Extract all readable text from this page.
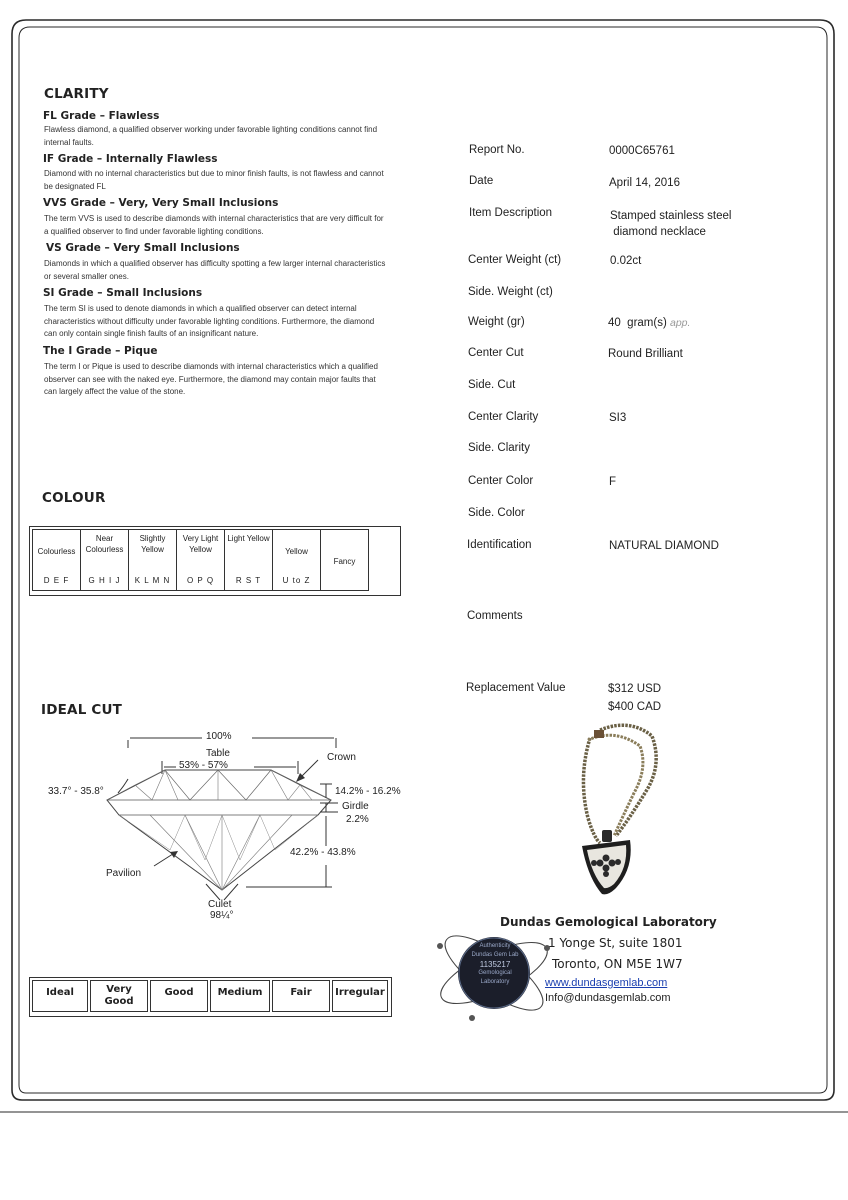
CLARITY
FL Grade – Flawless
Flawless diamond, a qualified observer working under favorable lighting conditions cannot find internal faults.
IF Grade – Internally Flawless
Diamond with no internal characteristics but due to minor finish faults, is not flawless and cannot be designated FL
VVS Grade – Very, Very Small Inclusions
The term VVS is used to describe diamonds with internal characteristics that are very difficult for a qualified observer to find under favorable lighting conditions.
VS Grade – Very Small Inclusions
Diamonds in which a qualified observer has difficulty spotting a few larger internal characteristics or several smaller ones.
SI Grade – Small Inclusions
The term SI is used to denote diamonds in which a qualified observer can detect internal characteristics without difficulty under favorable lighting conditions. Furthermore, the diamond can only contain single finish faults of an insignificant nature.
The I Grade – Pique
The term I or Pique is used to describe diamonds with internal characteristics which a qualified observer can see with the naked eye. Furthermore, the diamond may contain major faults that can largely affect the value of the stone.
COLOUR
Colourless
D E F

Near Colourless
G H I J

Slightly Yellow
K L M N

Very Light Yellow
O P Q

Light Yellow
R S T

Yellow
U to Z

Fancy
IDEAL CUT
100%
Table
53% - 57%
Crown
33.7° - 35.8°	14.2% - 16.2%
Girdle
2.2%
42.2% - 43.8%
Pavilion
Culet
98¼°
Ideal	Very Good
Good	Medium	Fair	Irregular
Report No.	0000C65761
Date	April 14, 2016
Item Description	Stamped stainless steel
diamond necklace
Center Weight (ct)	0.02ct
Side. Weight (ct)
Weight (gr)	40  gram(s) app.
Center Cut	Round Brilliant
Side. Cut
Center Clarity	SI3
Side. Clarity
Center Color	F
Side. Color
Identification	NATURAL DIAMOND
Comments
Replacement Value	$312 USD
$400 CAD
Authenticity
Dundas Gem Lab
1135217
Gemological
Laboratory
Dundas Gemological Laboratory
1 Yonge St, suite 1801
Toronto, ON M5E 1W7
www.dundasgemlab.com
Info@dundasgemlab.com
